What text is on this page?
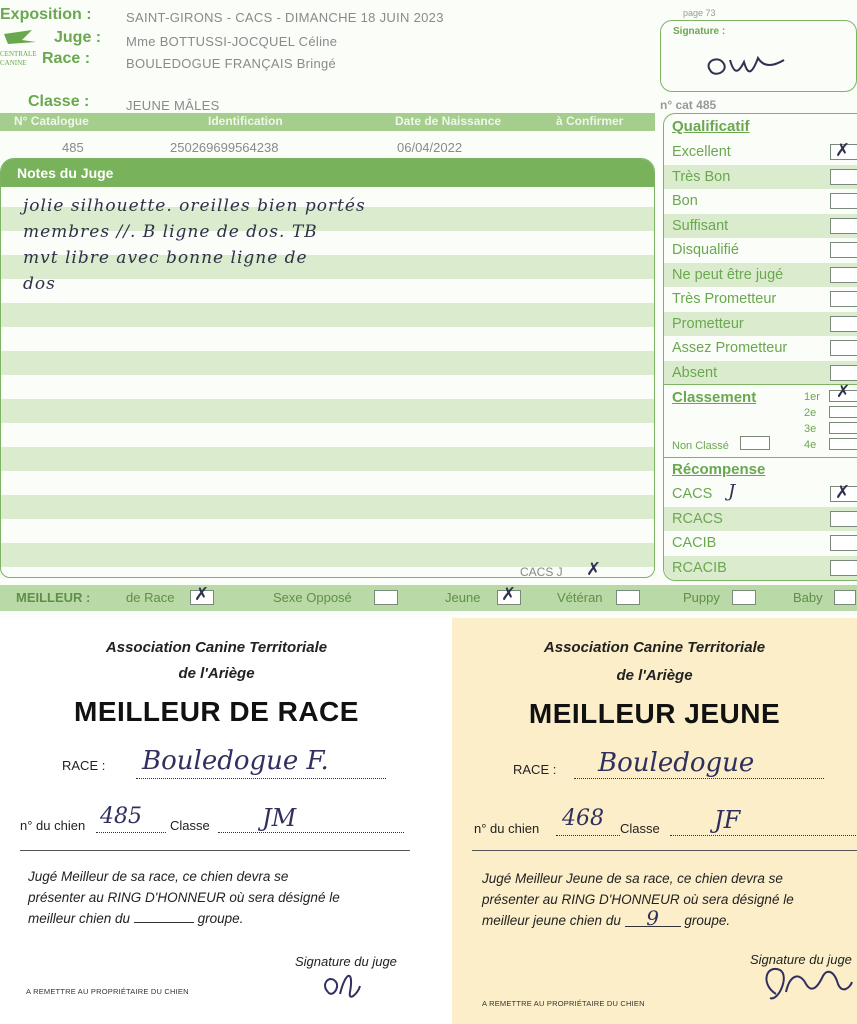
Exposition :	SAINT-GIRONS - CACS - DIMANCHE 18 JUIN 2023
CENTRALE
CANINE
Juge : Mme BOTTUSSI-JOCQUEL Céline
Race :	BOULEDOGUE FRANÇAIS Bringé
page 73
Signature :
Classe :	JEUNE MÂLES	n° cat 485
N° Catalogue	Identification	Date de Naissance	à Confirmer
485	250269699564238	06/04/2022
Notes du Juge
jolie silhouette. oreilles bien portés
membres //. B ligne de dos. TB
mvt libre avec bonne ligne de
dos
Qualificatif
Excellent	✗
Très Bon
Bon
Suffisant
Disqualifié
Ne peut être jugé
Très Prometteur
Prometteur
Assez Prometteur
Absent
Classement	1er ✗
2e
3e
4e
Non Classé
Récompense
CACS J	✗
RCACS
CACIB
RCACIB
CACS J ✗
MEILLEUR :	de Race ✗	Sexe Opposé	Jeune ✗	Vétéran	Puppy	Baby
Association Canine Territoriale
de l'Ariège
MEILLEUR DE RACE
RACE : Bouledogue F.
n° du chien 485 Classe JM
Jugé Meilleur de sa race, ce chien devra se
présenter au RING D'HONNEUR où sera désigné le
meilleur chien du	groupe.
Signature du juge
A REMETTRE AU PROPRIÉTAIRE DU CHIEN
Association Canine Territoriale
de l'Ariège
MEILLEUR JEUNE
RACE : Bouledogue
n° du chien 468 Classe JF
Jugé Meilleur Jeune de sa race, ce chien devra se
présenter au RING D'HONNEUR où sera désigné le
meilleur jeune chien du 9 groupe.
Signature du juge
A REMETTRE AU PROPRIÉTAIRE DU CHIEN
